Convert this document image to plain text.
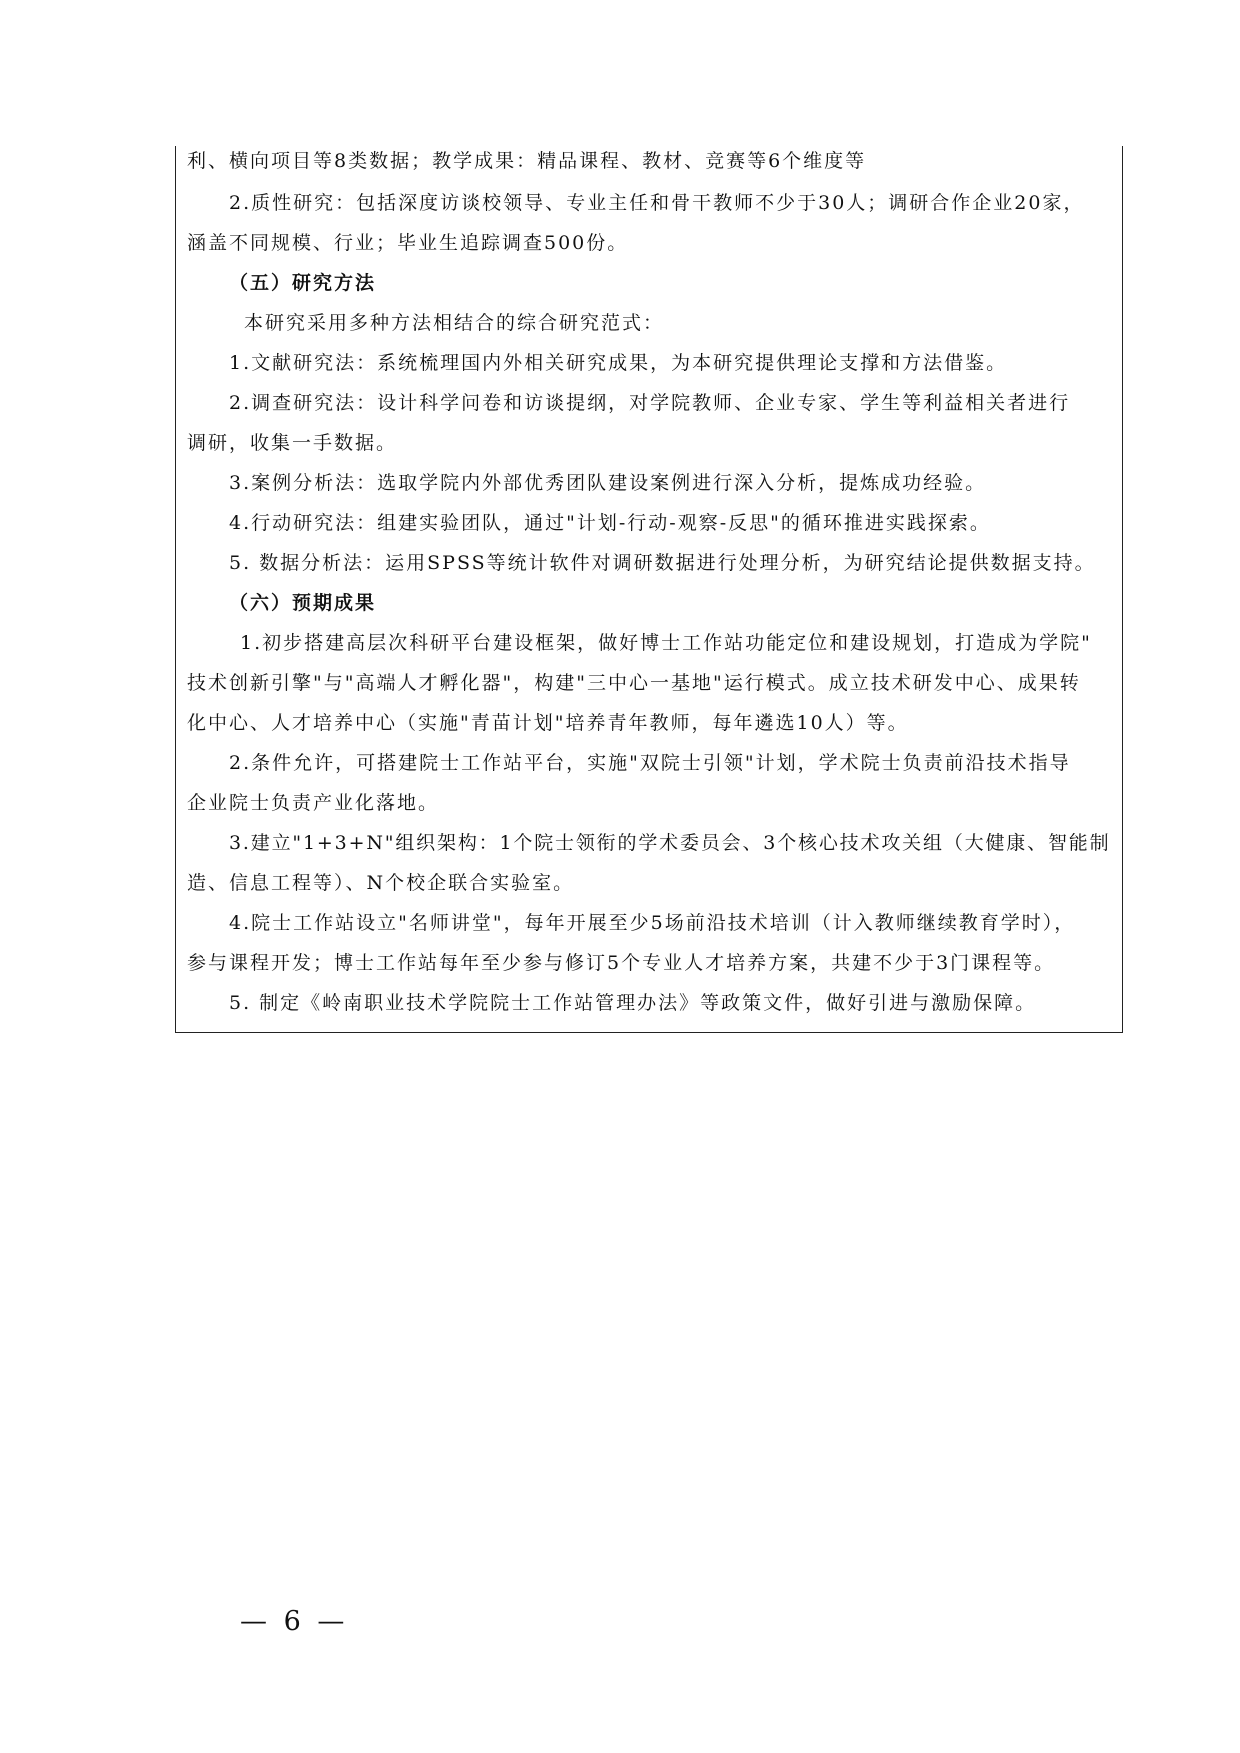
利、横向项目等8类数据；教学成果：精品课程、教材、竞赛等6个维度等
2.质性研究：包括深度访谈校领导、专业主任和骨干教师不少于30人；调研合作企业20家，
涵盖不同规模、行业；毕业生追踪调查500份。
（五）研究方法
本研究采用多种方法相结合的综合研究范式：
1.文献研究法：系统梳理国内外相关研究成果，为本研究提供理论支撑和方法借鉴。
2.调查研究法：设计科学问卷和访谈提纲，对学院教师、企业专家、学生等利益相关者进行
调研，收集一手数据。
3.案例分析法：选取学院内外部优秀团队建设案例进行深入分析，提炼成功经验。
4.行动研究法：组建实验团队，通过"计划-行动-观察-反思"的循环推进实践探索。
5. 数据分析法：运用SPSS等统计软件对调研数据进行处理分析，为研究结论提供数据支持。
（六）预期成果
1.初步搭建高层次科研平台建设框架，做好博士工作站功能定位和建设规划，打造成为学院"
技术创新引擎"与"高端人才孵化器"，构建"三中心一基地"运行模式。成立技术研发中心、成果转
化中心、人才培养中心（实施"青苗计划"培养青年教师，每年遴选10人）等。
2.条件允许，可搭建院士工作站平台，实施"双院士引领"计划，学术院士负责前沿技术指导
企业院士负责产业化落地。
3.建立"1+3+N"组织架构：1个院士领衔的学术委员会、3个核心技术攻关组（大健康、智能制
造、信息工程等）、N个校企联合实验室。
4.院士工作站设立"名师讲堂"，每年开展至少5场前沿技术培训（计入教师继续教育学时），
参与课程开发；博士工作站每年至少参与修订5个专业人才培养方案，共建不少于3门课程等。
5. 制定《岭南职业技术学院院士工作站管理办法》等政策文件，做好引进与激励保障。
— 6 —
